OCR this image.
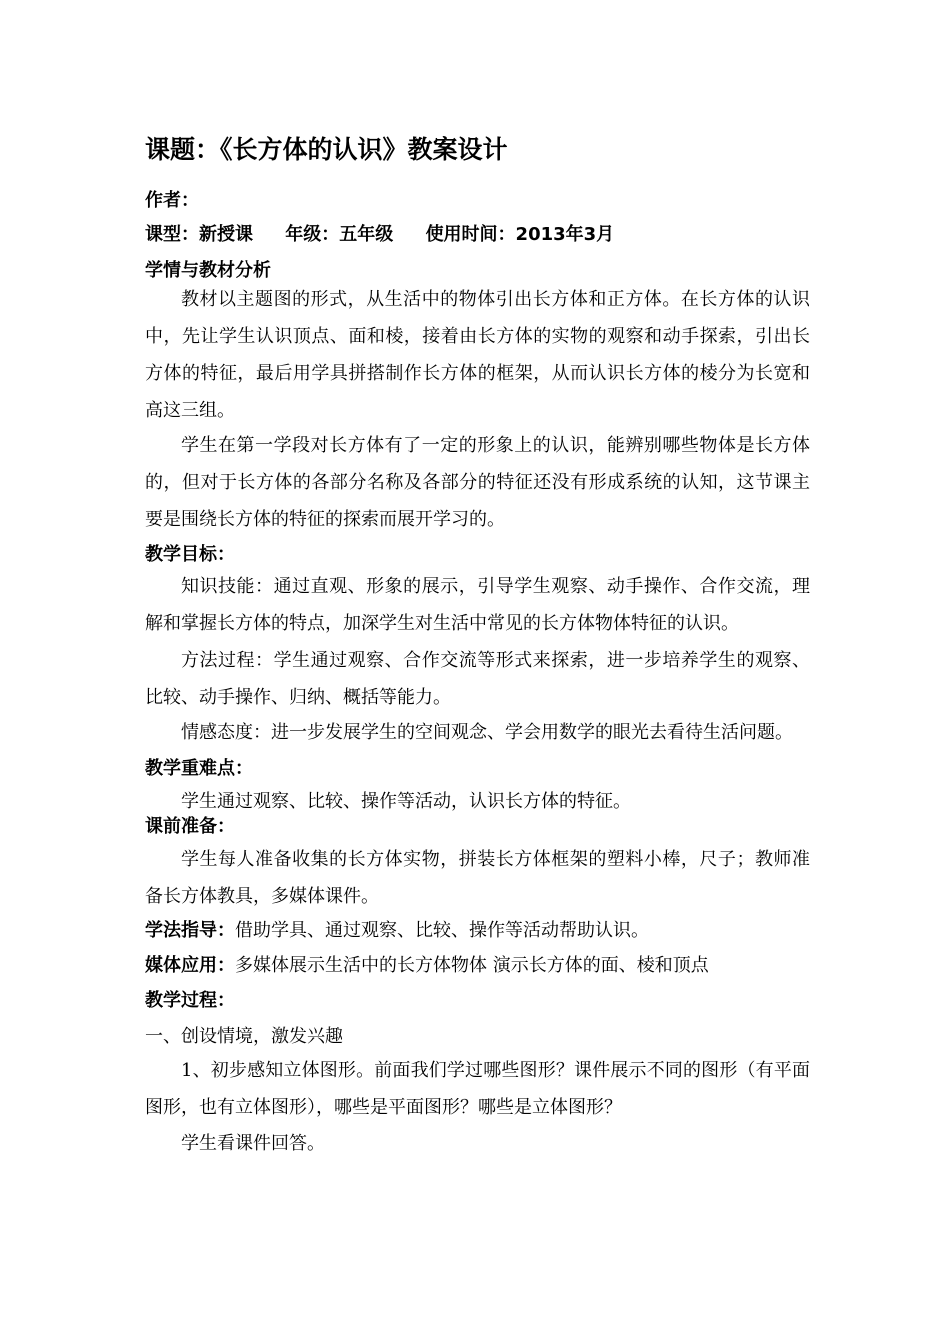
课题：《长方体的认识》教案设计
作者：
课型：新授课 年级：五年级 使用时间：2013年3月
学情与教材分析

教材以主题图的形式，从生活中的物体引出长方体和正方体。在长方体的认识中，先让学生认识顶点、面和棱，接着由长方体的实物的观察和动手探索，引出长方体的特征，最后用学具拼搭制作长方体的框架，从而认识长方体的棱分为长宽和高这三组。

学生在第一学段对长方体有了一定的形象上的认识，能辨别哪些物体是长方体的，但对于长方体的各部分名称及各部分的特征还没有形成系统的认知，这节课主要是围绕长方体的特征的探索而展开学习的。

教学目标：

知识技能：通过直观、形象的展示，引导学生观察、动手操作、合作交流，理解和掌握长方体的特点，加深学生对生活中常见的长方体物体特征的认识。

方法过程：学生通过观察、合作交流等形式来探索，进一步培养学生的观察、比较、动手操作、归纳、概括等能力。

情感态度：进一步发展学生的空间观念、学会用数学的眼光去看待生活问题。

教学重难点：

学生通过观察、比较、操作等活动，认识长方体的特征。

课前准备：

学生每人准备收集的长方体实物，拼装长方体框架的塑料小棒，尺子；教师准备长方体教具，多媒体课件。

学法指导：借助学具、通过观察、比较、操作等活动帮助认识。
媒体应用：多媒体展示生活中的长方体物体 演示长方体的面、棱和顶点
教学过程：
一、创设情境，激发兴趣

1、初步感知立体图形。前面我们学过哪些图形？课件展示不同的图形（有平面图形，也有立体图形），哪些是平面图形？哪些是立体图形？

学生看课件回答。
